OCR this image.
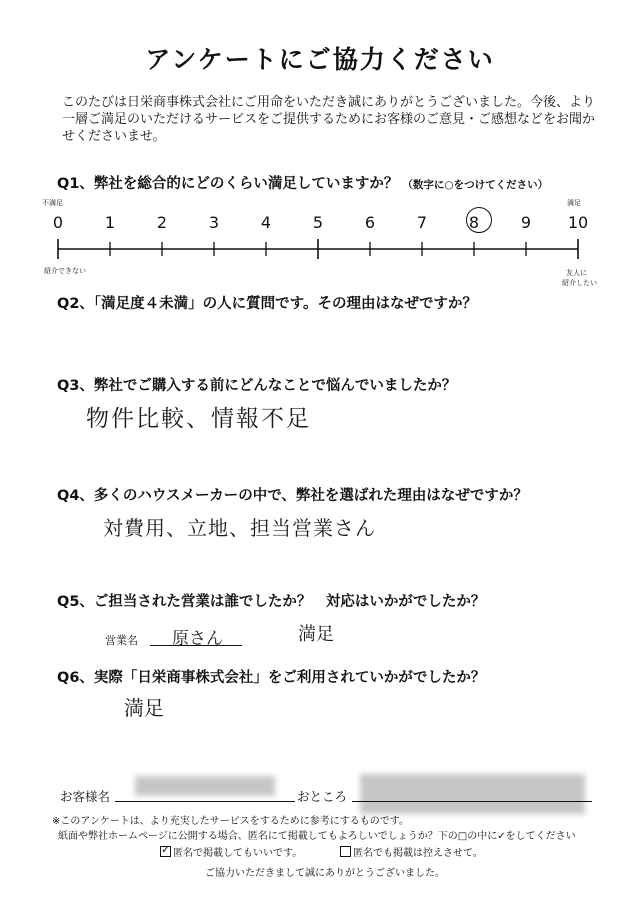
アンケートにご協力ください
このたびは日栄商事株式会社にご用命をいただき誠にありがとうございました。今後、より一層ご満足のいただけるサービスをご提供するためにお客様のご意見・ご感想などをお聞かせくださいませ。
Q1、弊社を総合的にどのくらい満足していますか？ （数字に○をつけてください）
不満足	満足
0	1	2	3	4	5	6	7	8	9	10
紹介できない	友人に
紹介したい
Q2、「満足度４未満」の人に質問です。その理由はなぜですか？
Q3、弊社でご購入する前にどんなことで悩んでいましたか？
物件比較、情報不足
Q4、多くのハウスメーカーの中で、弊社を選ばれた理由はなぜですか？
対費用、立地、担当営業さん
Q5、ご担当された営業は誰でしたか？　対応はいかがでしたか？
営業名 原さん	満足
Q6、実際「日栄商事株式会社」をご利用されていかがでしたか？
満足
お客様名	おところ
※このアンケートは、より充実したサービスをするために参考にするものです。
紙面や弊社ホームページに公開する場合、匿名にて掲載してもよろしいでしょうか？下の□の中に✓をしてください
✓ 匿名で掲載してもいいです。	匿名でも掲載は控えさせて。
ご協力いただきまして誠にありがとうございました。
